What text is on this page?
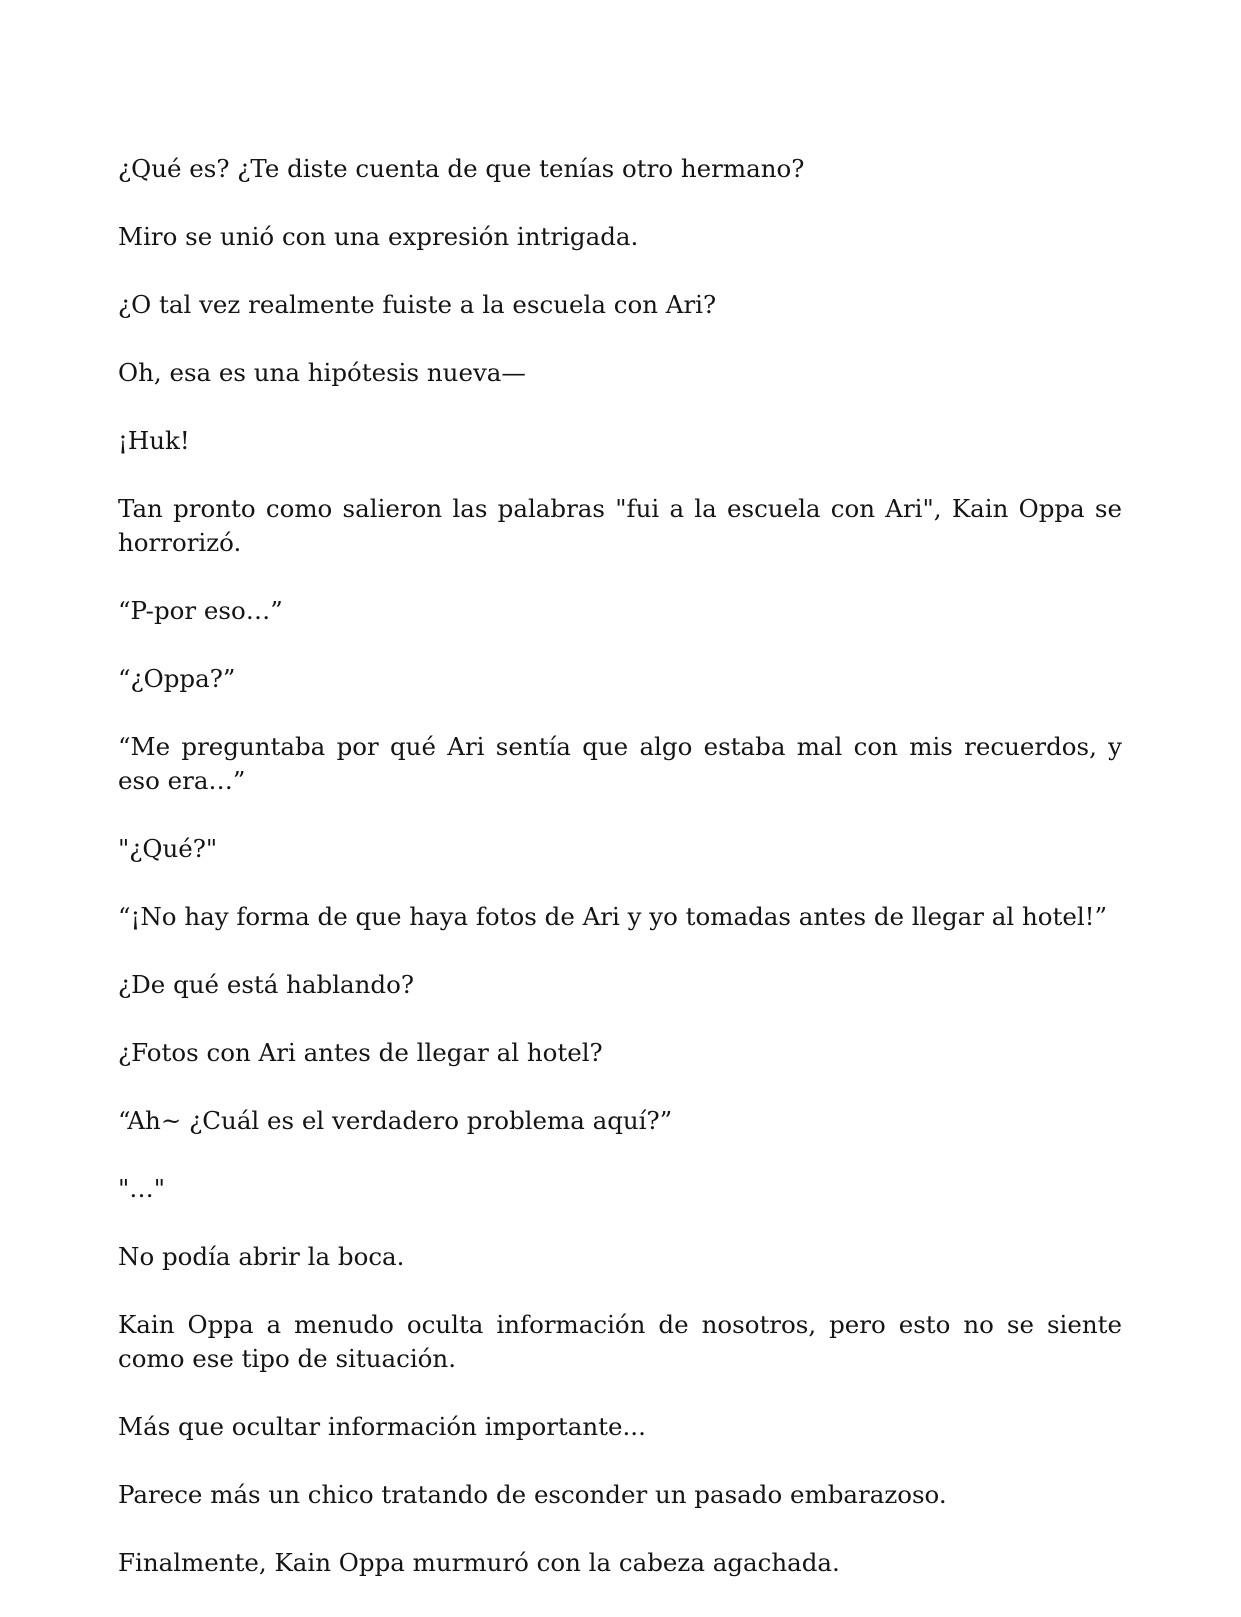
¿Qué es? ¿Te diste cuenta de que tenías otro hermano?

Miro se unió con una expresión intrigada.

¿O tal vez realmente fuiste a la escuela con Ari?

Oh, esa es una hipótesis nueva—

¡Huk!

Tan pronto como salieron las palabras "fui a la escuela con Ari", Kain Oppa se horrorizó.

“P-por eso…”

“¿Oppa?”

“Me preguntaba por qué Ari sentía que algo estaba mal con mis recuerdos, y eso era…”

"¿Qué?"

“¡No hay forma de que haya fotos de Ari y yo tomadas antes de llegar al hotel!”

¿De qué está hablando?

¿Fotos con Ari antes de llegar al hotel?

“Ah~ ¿Cuál es el verdadero problema aquí?”

"…"

No podía abrir la boca.

Kain Oppa a menudo oculta información de nosotros, pero esto no se siente como ese tipo de situación.

Más que ocultar información importante...

Parece más un chico tratando de esconder un pasado embarazoso.

Finalmente, Kain Oppa murmuró con la cabeza agachada.
